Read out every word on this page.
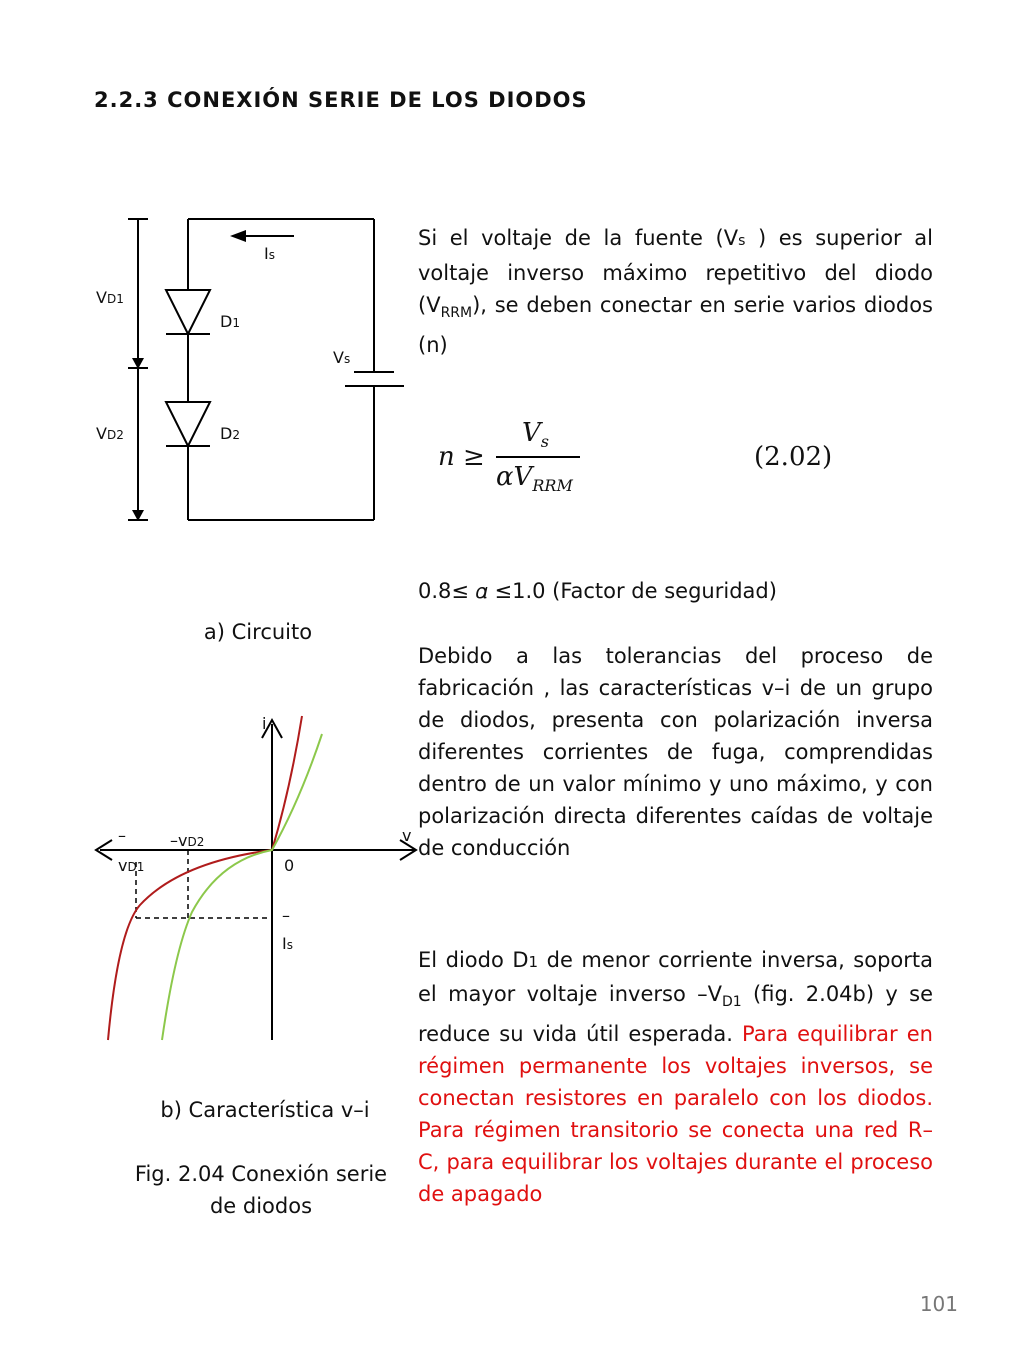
2.2.3 CONEXIÓN SERIE DE LOS DIODOS
VD1
VD2
D1
D2
Is
Vs
a) Circuito
i
v
0
–
vD1
–vD2
–
Is
b) Característica v–i
Fig. 2.04 Conexión serie
de diodos
Si el voltaje de la fuente (Vs ) es superior al voltaje inverso máximo repetitivo del diodo $(V_{RRM})$, se deben conectar en serie varios diodos (n)
n ≥
$V_s$
$\alpha V_{RRM}$
(2.02)
0.8≤ 𝛼 ≤1.0 (Factor de seguridad)
Debido a las tolerancias del proceso de fabricación , las características v–i de un grupo de diodos, presenta con polarización inversa diferentes corrientes de fuga, comprendidas dentro de un valor mínimo y uno máximo, y con polarización directa diferentes caídas de voltaje de conducción
El diodo D1 de menor corriente inversa, soporta el mayor voltaje inverso $-V_{D1}$ (fig. 2.04b) y se reduce su vida útil esperada. Para equilibrar en régimen permanente los voltajes inversos, se conectan resistores en paralelo con los diodos. Para régimen transitorio se conecta una red R–C, para equilibrar los voltajes durante el proceso de apagado
101
